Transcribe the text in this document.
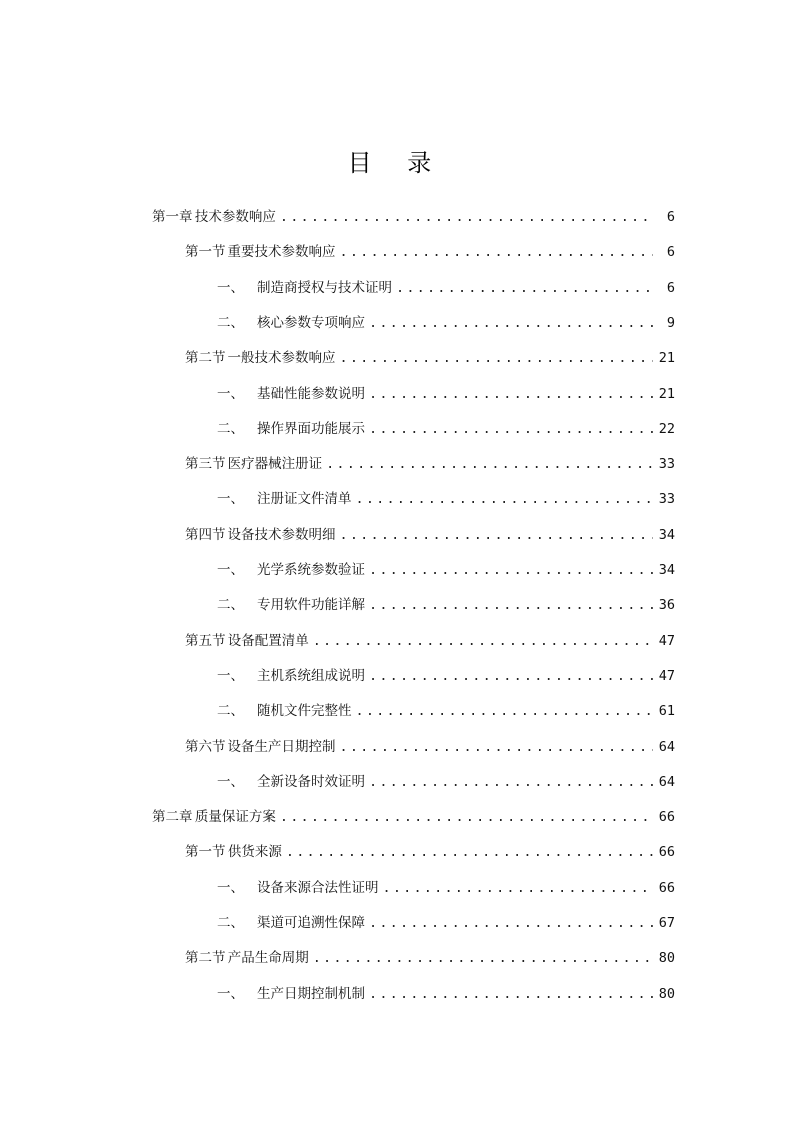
目 录
第一章 技术参数响应 .....	6
第一节 重要技术参数响应 .....	6
一、 制造商授权与技术证明 .....	6
二、 核心参数专项响应 .....	9
第二节 一般技术参数响应 .....	21
一、 基础性能参数说明 .....	21
二、 操作界面功能展示 .....	22
第三节 医疗器械注册证 .....	33
一、 注册证文件清单 .....	33
第四节 设备技术参数明细 .....	34
一、 光学系统参数验证 .....	34
二、 专用软件功能详解 .....	36
第五节 设备配置清单 .....	47
一、 主机系统组成说明 .....	47
二、 随机文件完整性 .....	61
第六节 设备生产日期控制 .....	64
一、 全新设备时效证明 .....	64
第二章 质量保证方案 .....	66
第一节 供货来源 .....	66
一、 设备来源合法性证明 .....	66
二、 渠道可追溯性保障 .....	67
第二节 产品生命周期 .....	80
一、 生产日期控制机制 .....	80
